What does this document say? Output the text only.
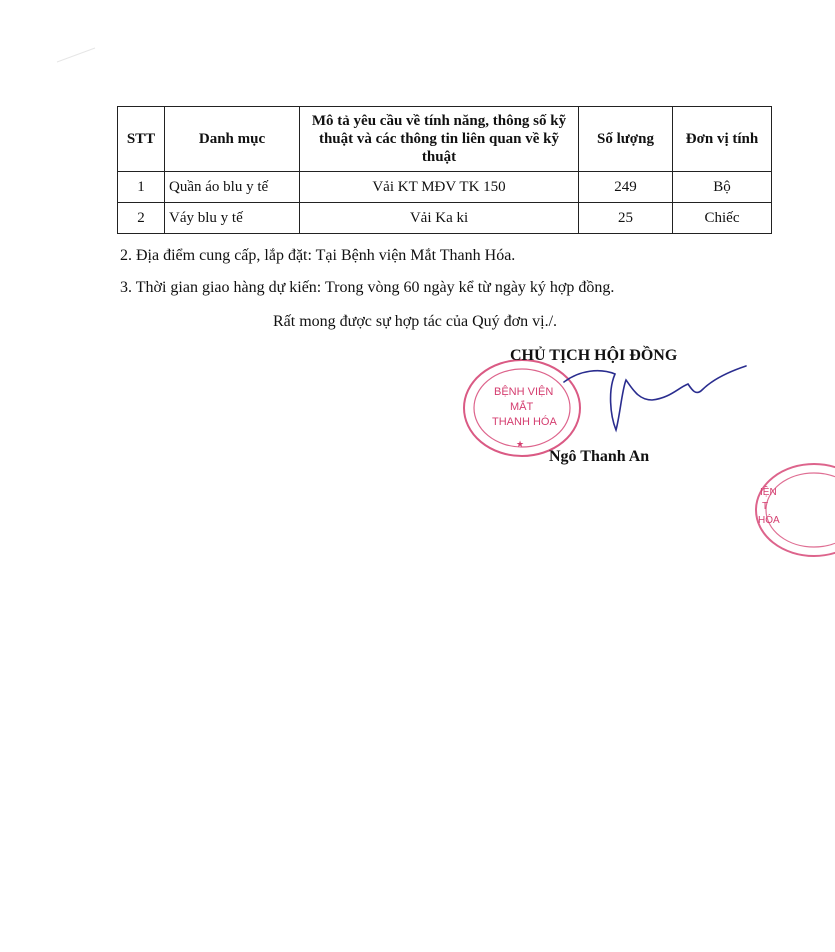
STT	Danh mục	Mô tả yêu cầu về tính năng, thông số kỹ thuật và các thông tin liên quan về kỹ thuật	Số lượng	Đơn vị tính
1	Quần áo blu y tế	Vải KT MĐV TK 150	249	Bộ
2	Váy blu y tế	Vải Ka ki	25	Chiếc
2. Địa điểm cung cấp, lắp đặt: Tại Bệnh viện Mắt Thanh Hóa.
3. Thời gian giao hàng dự kiến: Trong vòng 60 ngày kể từ ngày ký hợp đồng.
Rất mong được sự hợp tác của Quý đơn vị./.
BỆNH VIỆN
MẮT
THANH HÓA
★
CHỦ TỊCH HỘI ĐỒNG
Ngô Thanh An
IỆN
T
HÓA
